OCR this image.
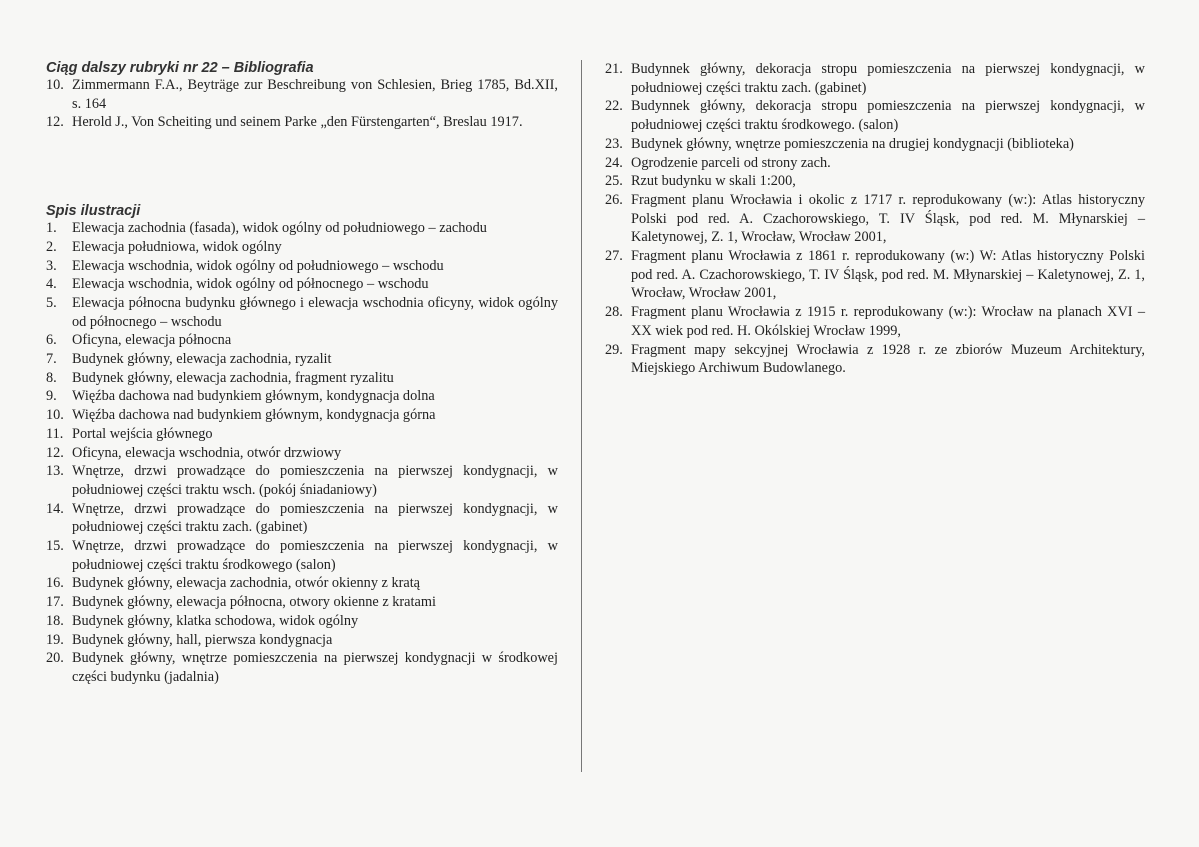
Ciąg dalszy rubryki nr 22 – Bibliografia
10. Zimmermann F.A., Beyträge zur Beschreibung von Schlesien, Brieg 1785, Bd.XII, s. 164
12. Herold J., Von Scheiting und seinem Parke „den Fürstengarten“, Breslau 1917.
Spis ilustracji
1. Elewacja zachodnia (fasada), widok ogólny od południowego – zachodu
2. Elewacja południowa, widok ogólny
3. Elewacja wschodnia, widok ogólny od południowego – wschodu
4. Elewacja wschodnia, widok ogólny od północnego – wschodu
5. Elewacja północna budynku głównego i elewacja wschodnia oficyny, widok ogólny od północnego – wschodu
6. Oficyna, elewacja północna
7. Budynek główny, elewacja zachodnia, ryzalit
8. Budynek główny, elewacja zachodnia, fragment ryzalitu
9. Więźba dachowa nad budynkiem głównym, kondygnacja dolna
10. Więźba dachowa nad budynkiem głównym, kondygnacja górna
11. Portal wejścia głównego
12. Oficyna, elewacja wschodnia, otwór drzwiowy
13. Wnętrze, drzwi prowadzące do pomieszczenia na pierwszej kondygnacji, w południowej części traktu wsch. (pokój śniadaniowy)
14. Wnętrze, drzwi prowadzące do pomieszczenia na pierwszej kondygnacji, w południowej części traktu zach. (gabinet)
15. Wnętrze, drzwi prowadzące do pomieszczenia na pierwszej kondygnacji, w południowej części traktu środkowego (salon)
16. Budynek główny, elewacja zachodnia, otwór okienny z kratą
17. Budynek główny, elewacja północna, otwory okienne z kratami
18. Budynek główny, klatka schodowa, widok ogólny
19. Budynek główny, hall, pierwsza kondygnacja
20. Budynek główny, wnętrze pomieszczenia na pierwszej kondygnacji w środkowej części budynku (jadalnia)
21. Budynnek główny, dekoracja stropu pomieszczenia na pierwszej kondygnacji, w południowej części traktu zach. (gabinet)
22. Budynnek główny, dekoracja stropu pomieszczenia na pierwszej kondygnacji, w południowej części traktu środkowego. (salon)
23. Budynek główny, wnętrze pomieszczenia na drugiej kondygnacji (biblioteka)
24. Ogrodzenie parceli od strony zach.
25. Rzut budynku w skali 1:200,
26. Fragment planu Wrocławia i okolic z 1717 r. reprodukowany (w:): Atlas historyczny Polski pod red. A. Czachorowskiego, T. IV Śląsk, pod red. M. Młynarskiej – Kaletynowej, Z. 1, Wrocław, Wrocław 2001,
27. Fragment planu Wrocławia z 1861 r. reprodukowany (w:) W: Atlas historyczny Polski pod red. A. Czachorowskiego, T. IV Śląsk, pod red. M. Młynarskiej – Kaletynowej, Z. 1, Wrocław, Wrocław 2001,
28. Fragment planu Wrocławia z 1915 r. reprodukowany (w:): Wrocław na planach XVI – XX wiek pod red. H. Okólskiej Wrocław 1999,
29. Fragment mapy sekcyjnej Wrocławia z 1928 r. ze zbiorów Muzeum Architektury, Miejskiego Archiwum Budowlanego.
